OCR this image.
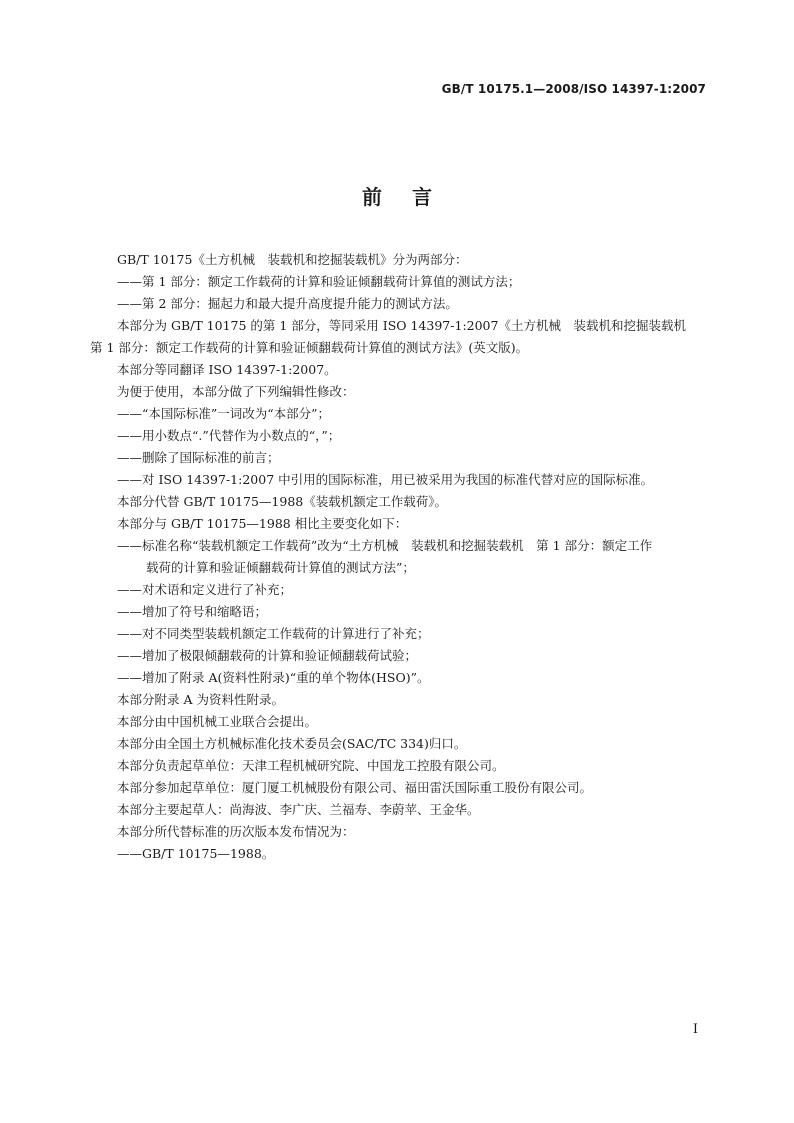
GB/T 10175.1—2008/ISO 14397-1:2007
前言

GB/T 10175《土方机械　装载机和挖掘装载机》分为两部分：

——第 1 部分：额定工作载荷的计算和验证倾翻载荷计算值的测试方法；

——第 2 部分：掘起力和最大提升高度提升能力的测试方法。

本部分为 GB/T 10175 的第 1 部分，等同采用 ISO 14397-1:2007《土方机械　装载机和挖掘装载机

第 1 部分：额定工作载荷的计算和验证倾翻载荷计算值的测试方法》(英文版)。

本部分等同翻译 ISO 14397-1:2007。

为便于使用，本部分做了下列编辑性修改：

——“本国际标准”一词改为“本部分”；

——用小数点“.”代替作为小数点的“，”；

——删除了国际标准的前言；

——对 ISO 14397-1:2007 中引用的国际标准，用已被采用为我国的标准代替对应的国际标准。

本部分代替 GB/T 10175—1988《装载机额定工作载荷》。

本部分与 GB/T 10175—1988 相比主要变化如下：

——标准名称“装载机额定工作载荷”改为“土方机械　装载机和挖掘装载机　第 1 部分：额定工作

载荷的计算和验证倾翻载荷计算值的测试方法”；

——对术语和定义进行了补充；

——增加了符号和缩略语；

——对不同类型装载机额定工作载荷的计算进行了补充；

——增加了极限倾翻载荷的计算和验证倾翻载荷试验；

——增加了附录 A(资料性附录)“重的单个物体(HSO)”。

本部分附录 A 为资料性附录。

本部分由中国机械工业联合会提出。

本部分由全国土方机械标准化技术委员会(SAC/TC 334)归口。

本部分负责起草单位：天津工程机械研究院、中国龙工控股有限公司。

本部分参加起草单位：厦门厦工机械股份有限公司、福田雷沃国际重工股份有限公司。

本部分主要起草人：尚海波、李广庆、兰福寿、李蔚苹、王金华。

本部分所代替标准的历次版本发布情况为：

——GB/T 10175—1988。

I
